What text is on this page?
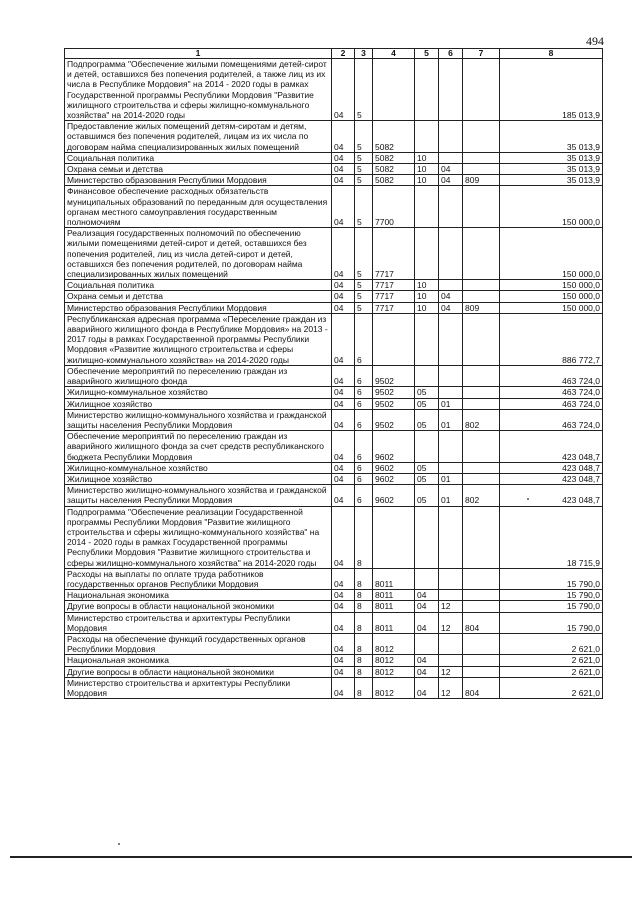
494
1	2	3	4	5	6	7	8
Подпрограмма "Обеспечение жилыми помещениями детей-сирот и детей, оставшихся без попечения родителей, а также лиц из их числа в Республике Мордовия" на 2014 - 2020 годы в рамках Государственной программы Республики Мордовия "Развитие жилищного строительства и сферы жилищно-коммунального хозяйства" на 2014-2020 годы	04	5					185 013,9
Предоставление жилых помещений детям-сиротам и детям, оставшимся без попечения родителей, лицам из их числа по договорам найма специализированных жилых помещений	04	5	5082				35 013,9
Социальная политика	04	5	5082	10			35 013,9
Охрана семьи и детства	04	5	5082	10	04		35 013,9
Министерство образования Республики Мордовия	04	5	5082	10	04	809	35 013,9
Финансовое обеспечение расходных обязательств муниципальных образований по переданным для осуществления органам местного самоуправления государственным полномочиям	04	5	7700				150 000,0
Реализация государственных полномочий по обеспечению жилыми помещениями детей-сирот и детей, оставшихся без попечения родителей, лиц из числа детей-сирот и детей, оставшихся без попечения родителей, по договорам найма специализированных жилых помещений	04	5	7717				150 000,0
Социальная политика	04	5	7717	10			150 000,0
Охрана семьи и детства	04	5	7717	10	04		150 000,0
Министерство образования Республики Мордовия	04	5	7717	10	04	809	150 000,0
Республиканская адресная программа «Переселение граждан из аварийного жилищного фонда в Республике Мордовия» на 2013 - 2017 годы в рамках Государственной программы Республики Мордовия «Развитие жилищного строительства и сферы жилищно-коммунального хозяйства» на 2014-2020 годы	04	6					886 772,7
Обеспечение мероприятий по переселению граждан из аварийного жилищного фонда	04	6	9502				463 724,0
Жилищно-коммунальное хозяйство	04	6	9502	05			463 724,0
Жилищное хозяйство	04	6	9502	05	01		463 724,0
Министерство жилищно-коммунального хозяйства и гражданской защиты населения Республики Мордовия	04	6	9502	05	01	802	463 724,0
Обеспечение мероприятий по переселению граждан из аварийного жилищного фонда за счет средств республиканского бюджета Республики Мордовия	04	6	9602				423 048,7
Жилищно-коммунальное хозяйство	04	6	9602	05			423 048,7
Жилищное хозяйство	04	6	9602	05	01		423 048,7
Министерство жилищно-коммунального хозяйства и гражданской защиты населения Республики Мордовия	04	6	9602	05	01	802	423 048,7
Подпрограмма "Обеспечение реализации Государственной программы Республики Мордовия "Развитие жилищного строительства и сферы жилищно-коммунального хозяйства" на 2014 - 2020 годы в рамках Государственной программы Республики Мордовия "Развитие жилищного строительства и сферы жилищно-коммунального хозяйства" на 2014-2020 годы	04	8					18 715,9
Расходы на выплаты по оплате труда работников государственных органов Республики Мордовия	04	8	8011				15 790,0
Национальная экономика	04	8	8011	04			15 790,0
Другие вопросы в области национальной экономики	04	8	8011	04	12		15 790,0
Министерство строительства и архитектуры Республики Мордовия	04	8	8011	04	12	804	15 790,0
Расходы на обеспечение функций государственных органов Республики Мордовия	04	8	8012				2 621,0
Национальная экономика	04	8	8012	04			2 621,0
Другие вопросы в области национальной экономики	04	8	8012	04	12		2 621,0
Министерство строительства и архитектуры Республики Мордовия	04	8	8012	04	12	804	2 621,0
